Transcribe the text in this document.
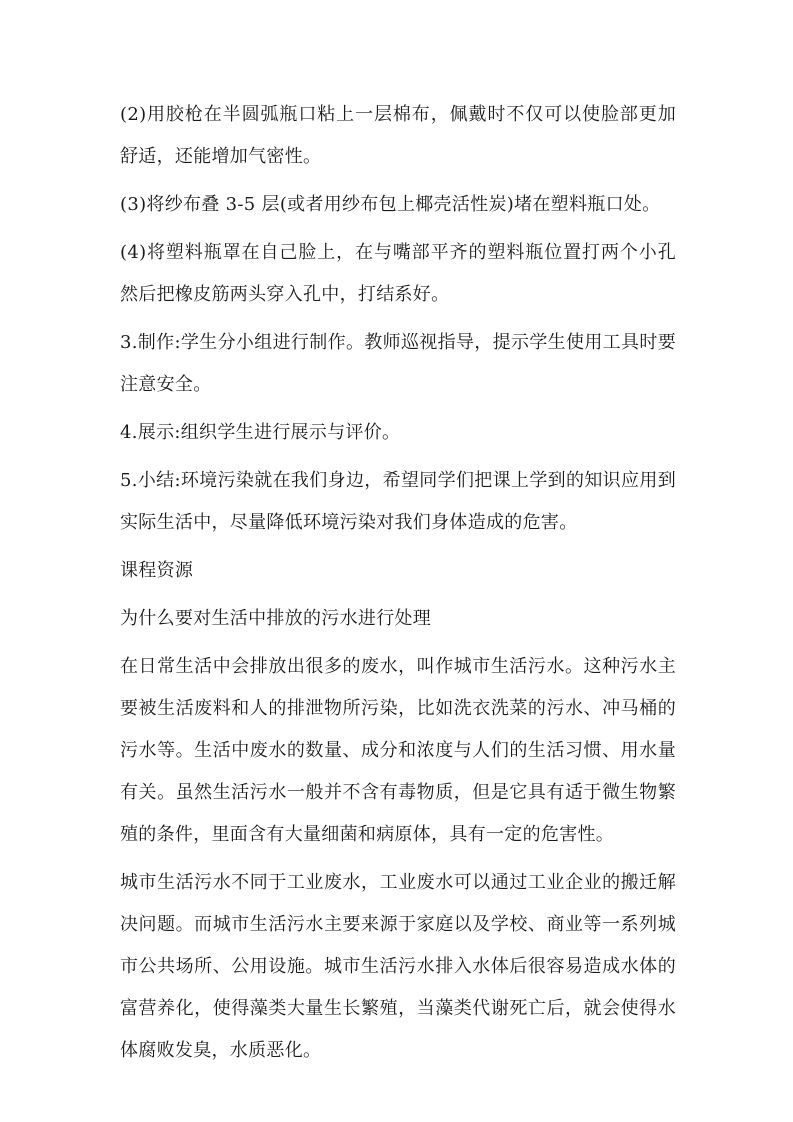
(2)用胶枪在半圆弧瓶口粘上一层棉布，佩戴时不仅可以使脸部更加舒适，还能增加气密性。

(3)将纱布叠 3-5 层(或者用纱布包上椰壳活性炭)堵在塑料瓶口处。

(4)将塑料瓶罩在自己脸上，在与嘴部平齐的塑料瓶位置打两个小孔然后把橡皮筋两头穿入孔中，打结系好。

3.制作:学生分小组进行制作。教师巡视指导，提示学生使用工具时要注意安全。

4.展示:组织学生进行展示与评价。

5.小结:环境污染就在我们身边，希望同学们把课上学到的知识应用到实际生活中，尽量降低环境污染对我们身体造成的危害。

课程资源

为什么要对生活中排放的污水进行处理

在日常生活中会排放出很多的废水，叫作城市生活污水。这种污水主要被生活废料和人的排泄物所污染，比如洗衣洗菜的污水、冲马桶的污水等。生活中废水的数量、成分和浓度与人们的生活习惯、用水量有关。虽然生活污水一般并不含有毒物质，但是它具有适于微生物繁殖的条件，里面含有大量细菌和病原体，具有一定的危害性。

城市生活污水不同于工业废水，工业废水可以通过工业企业的搬迁解决问题。而城市生活污水主要来源于家庭以及学校、商业等一系列城市公共场所、公用设施。城市生活污水排入水体后很容易造成水体的富营养化，使得藻类大量生长繁殖，当藻类代谢死亡后，就会使得水体腐败发臭，水质恶化。
